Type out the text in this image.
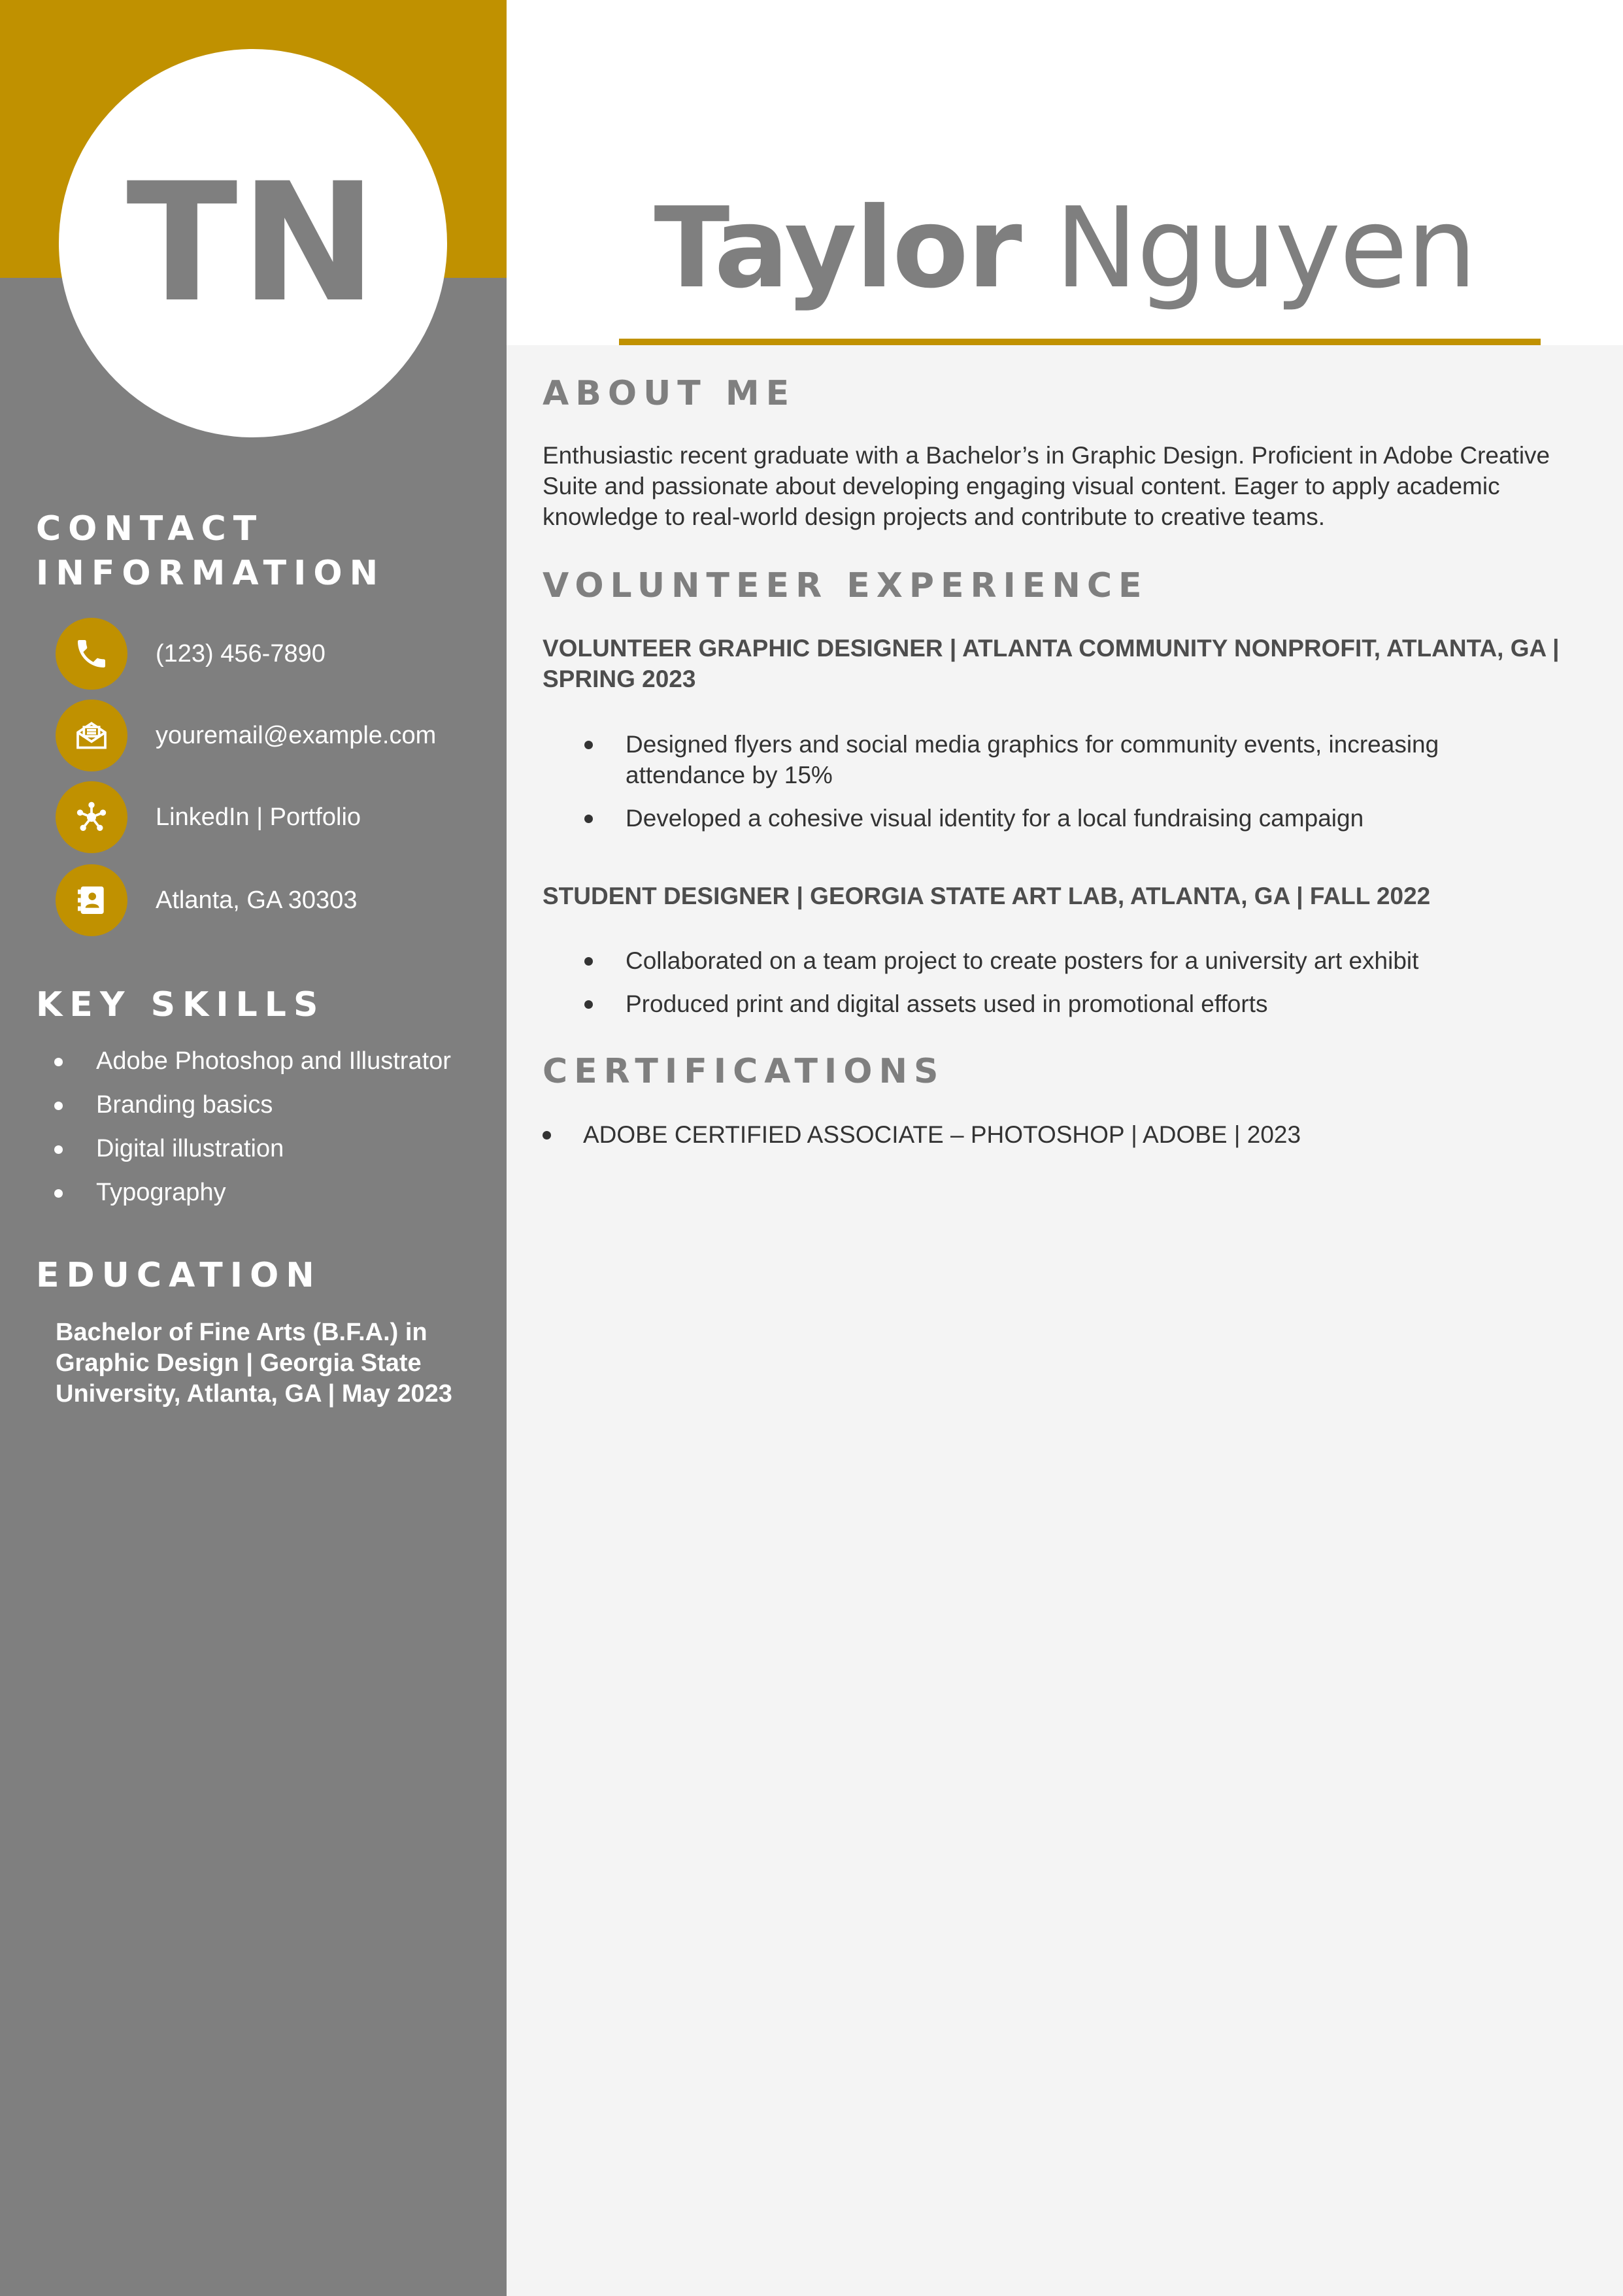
TN
CONTACT
INFORMATION
(123) 456-7890
youremail@example.com
LinkedIn | Portfolio
Atlanta, GA 30303
KEY SKILLS
Adobe Photoshop and Illustrator
Branding basics
Digital illustration
Typography
EDUCATION
Bachelor of Fine Arts (B.F.A.) in Graphic Design | Georgia State University, Atlanta, GA | May 2023
Taylor Nguyen
ABOUT ME

Enthusiastic recent graduate with a Bachelor’s in Graphic Design. Proficient in Adobe Creative Suite and passionate about developing engaging visual content. Eager to apply academic knowledge to real-world design projects and contribute to creative teams.

VOLUNTEER EXPERIENCE

VOLUNTEER GRAPHIC DESIGNER | ATLANTA COMMUNITY NONPROFIT, ATLANTA, GA | SPRING 2023

Designed flyers and social media graphics for community events, increasing attendance by 15%
Developed a cohesive visual identity for a local fundraising campaign

STUDENT DESIGNER | GEORGIA STATE ART LAB, ATLANTA, GA | FALL 2022

Collaborated on a team project to create posters for a university art exhibit
Produced print and digital assets used in promotional efforts
CERTIFICATIONS
ADOBE CERTIFIED ASSOCIATE – PHOTOSHOP | ADOBE | 2023
